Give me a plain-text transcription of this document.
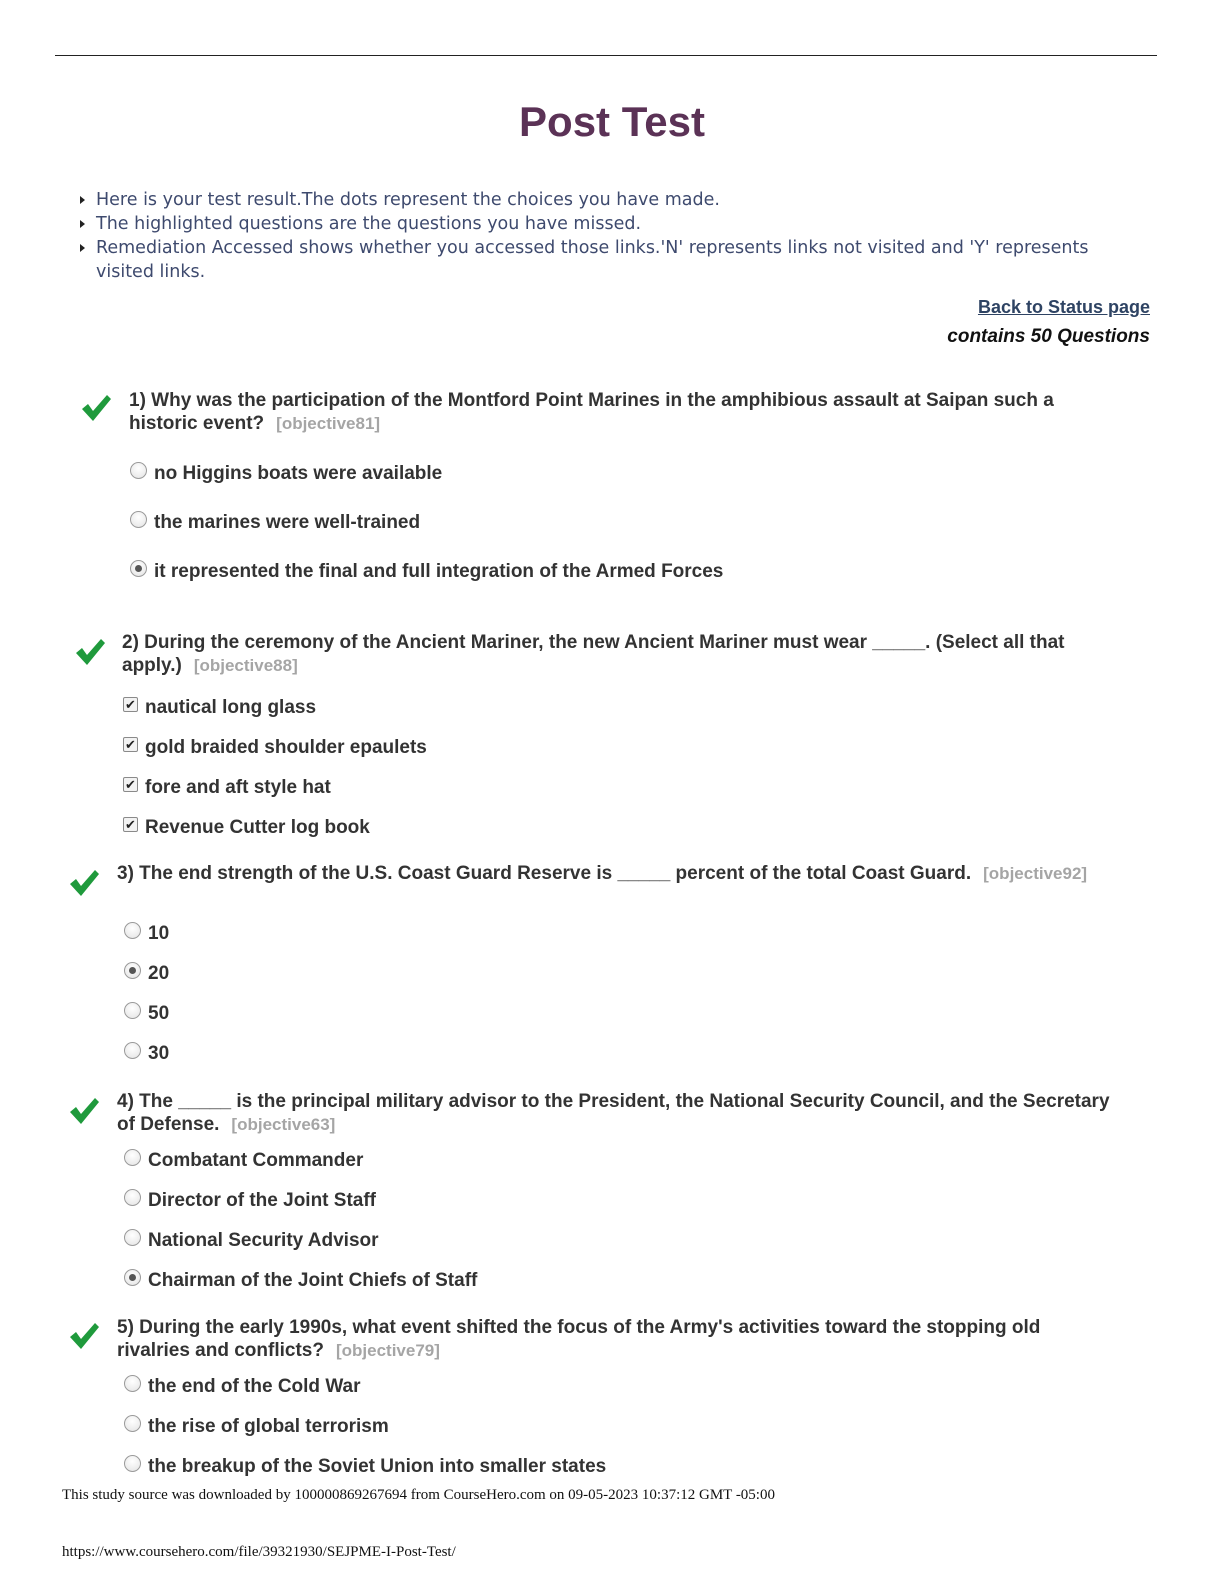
Post Test
Here is your test result.The dots represent the choices you have made.
The highlighted questions are the questions you have missed.
Remediation Accessed shows whether you accessed those links.'N' represents links not visited and 'Y' represents visited links.
Back to Status page
contains 50 Questions
1) Why was the participation of the Montford Point Marines in the amphibious assault at Saipan such a historic event? [objective81]
no Higgins boats were available
the marines were well-trained
it represented the final and full integration of the Armed Forces
2) During the ceremony of the Ancient Mariner, the new Ancient Mariner must wear _____. (Select all that apply.) [objective88]
✔ nautical long glass
✔ gold braided shoulder epaulets
✔ fore and aft style hat
✔ Revenue Cutter log book
3) The end strength of the U.S. Coast Guard Reserve is _____ percent of the total Coast Guard. [objective92]
10
20
50
30
4) The _____ is the principal military advisor to the President, the National Security Council, and the Secretary of Defense. [objective63]
Combatant Commander
Director of the Joint Staff
National Security Advisor
Chairman of the Joint Chiefs of Staff
5) During the early 1990s, what event shifted the focus of the Army's activities toward the stopping old rivalries and conflicts? [objective79]
the end of the Cold War
the rise of global terrorism
the breakup of the Soviet Union into smaller states
This study source was downloaded by 100000869267694 from CourseHero.com on 09-05-2023 10:37:12 GMT -05:00
https://www.coursehero.com/file/39321930/SEJPME-I-Post-Test/
